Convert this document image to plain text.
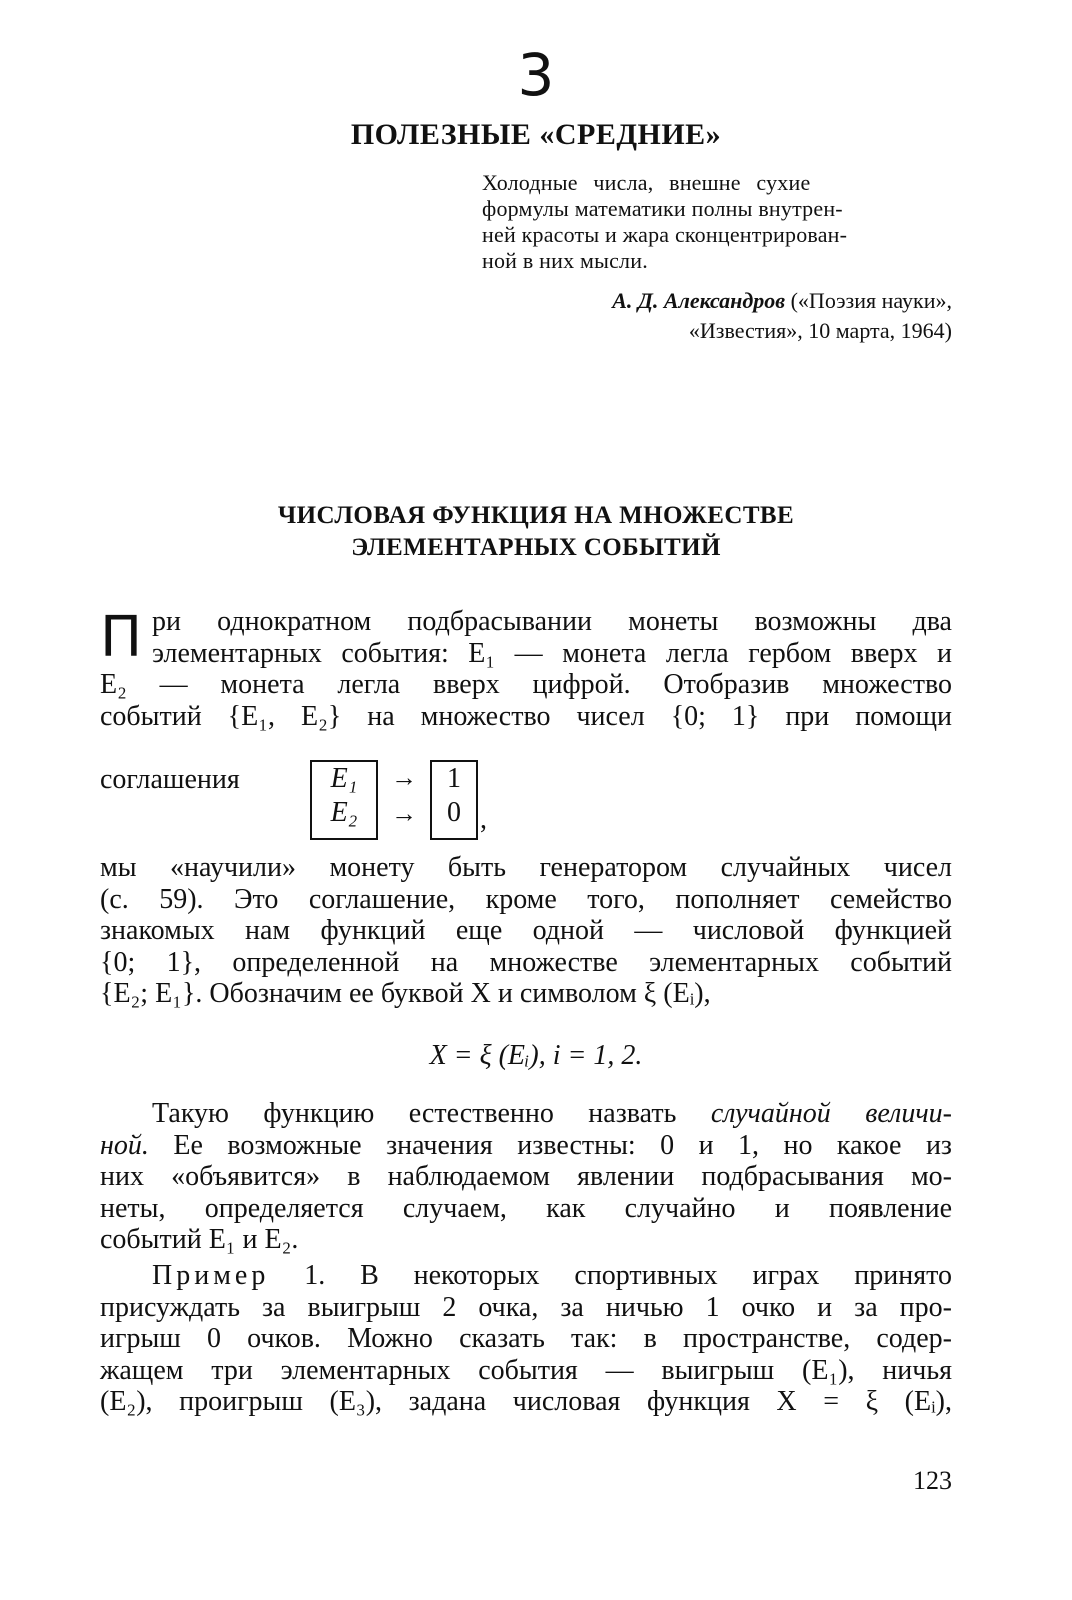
3
ПОЛЕЗНЫЕ «СРЕДНИЕ»
Холодные числа, внешне сухие
формулы математики полны внутрен-
ней красоты и жара сконцентрирован-
ной в них мысли.
А. Д. Александров («Поэзия науки»,
«Известия», 10 марта, 1964)
ЧИСЛОВАЯ ФУНКЦИЯ НА МНОЖЕСТВЕ
ЭЛЕМЕНТАРНЫХ СОБЫТИЙ
П ри однократном подбрасывании монеты возможны два
элементарных события: E₁ — монета легла гербом вверх и
E₂ — монета легла вверх цифрой. Отобразив множество
событий {E₁, E₂} на множество чисел {0; 1} при помощи
соглашения	E₁
E₂
→
→
1
0 ,
мы «научили» монету быть генератором случайных чисел
(с. 59). Это соглашение, кроме того, пополняет семейство
знакомых нам функций еще одной — числовой функцией
{0; 1}, определенной на множестве элементарных событий
{E₂; E₁}. Обозначим ее буквой X и символом ξ (Eᵢ),
X = ξ (Eᵢ), i = 1, 2.
Такую функцию естественно назвать случайной величи-
ной. Ее возможные значения известны: 0 и 1, но какое из
них «объявится» в наблюдаемом явлении подбрасывания мо-
неты, определяется случаем, как случайно и появление
событий E₁ и E₂.
Пример 1. В некоторых спортивных играх принято
присуждать за выигрыш 2 очка, за ничью 1 очко и за про-
игрыш 0 очков. Можно сказать так: в пространстве, содер-
жащем три элементарных события — выигрыш (E₁), ничья
(E₂), проигрыш (E₃), задана числовая функция X = ξ (Eᵢ),
123
